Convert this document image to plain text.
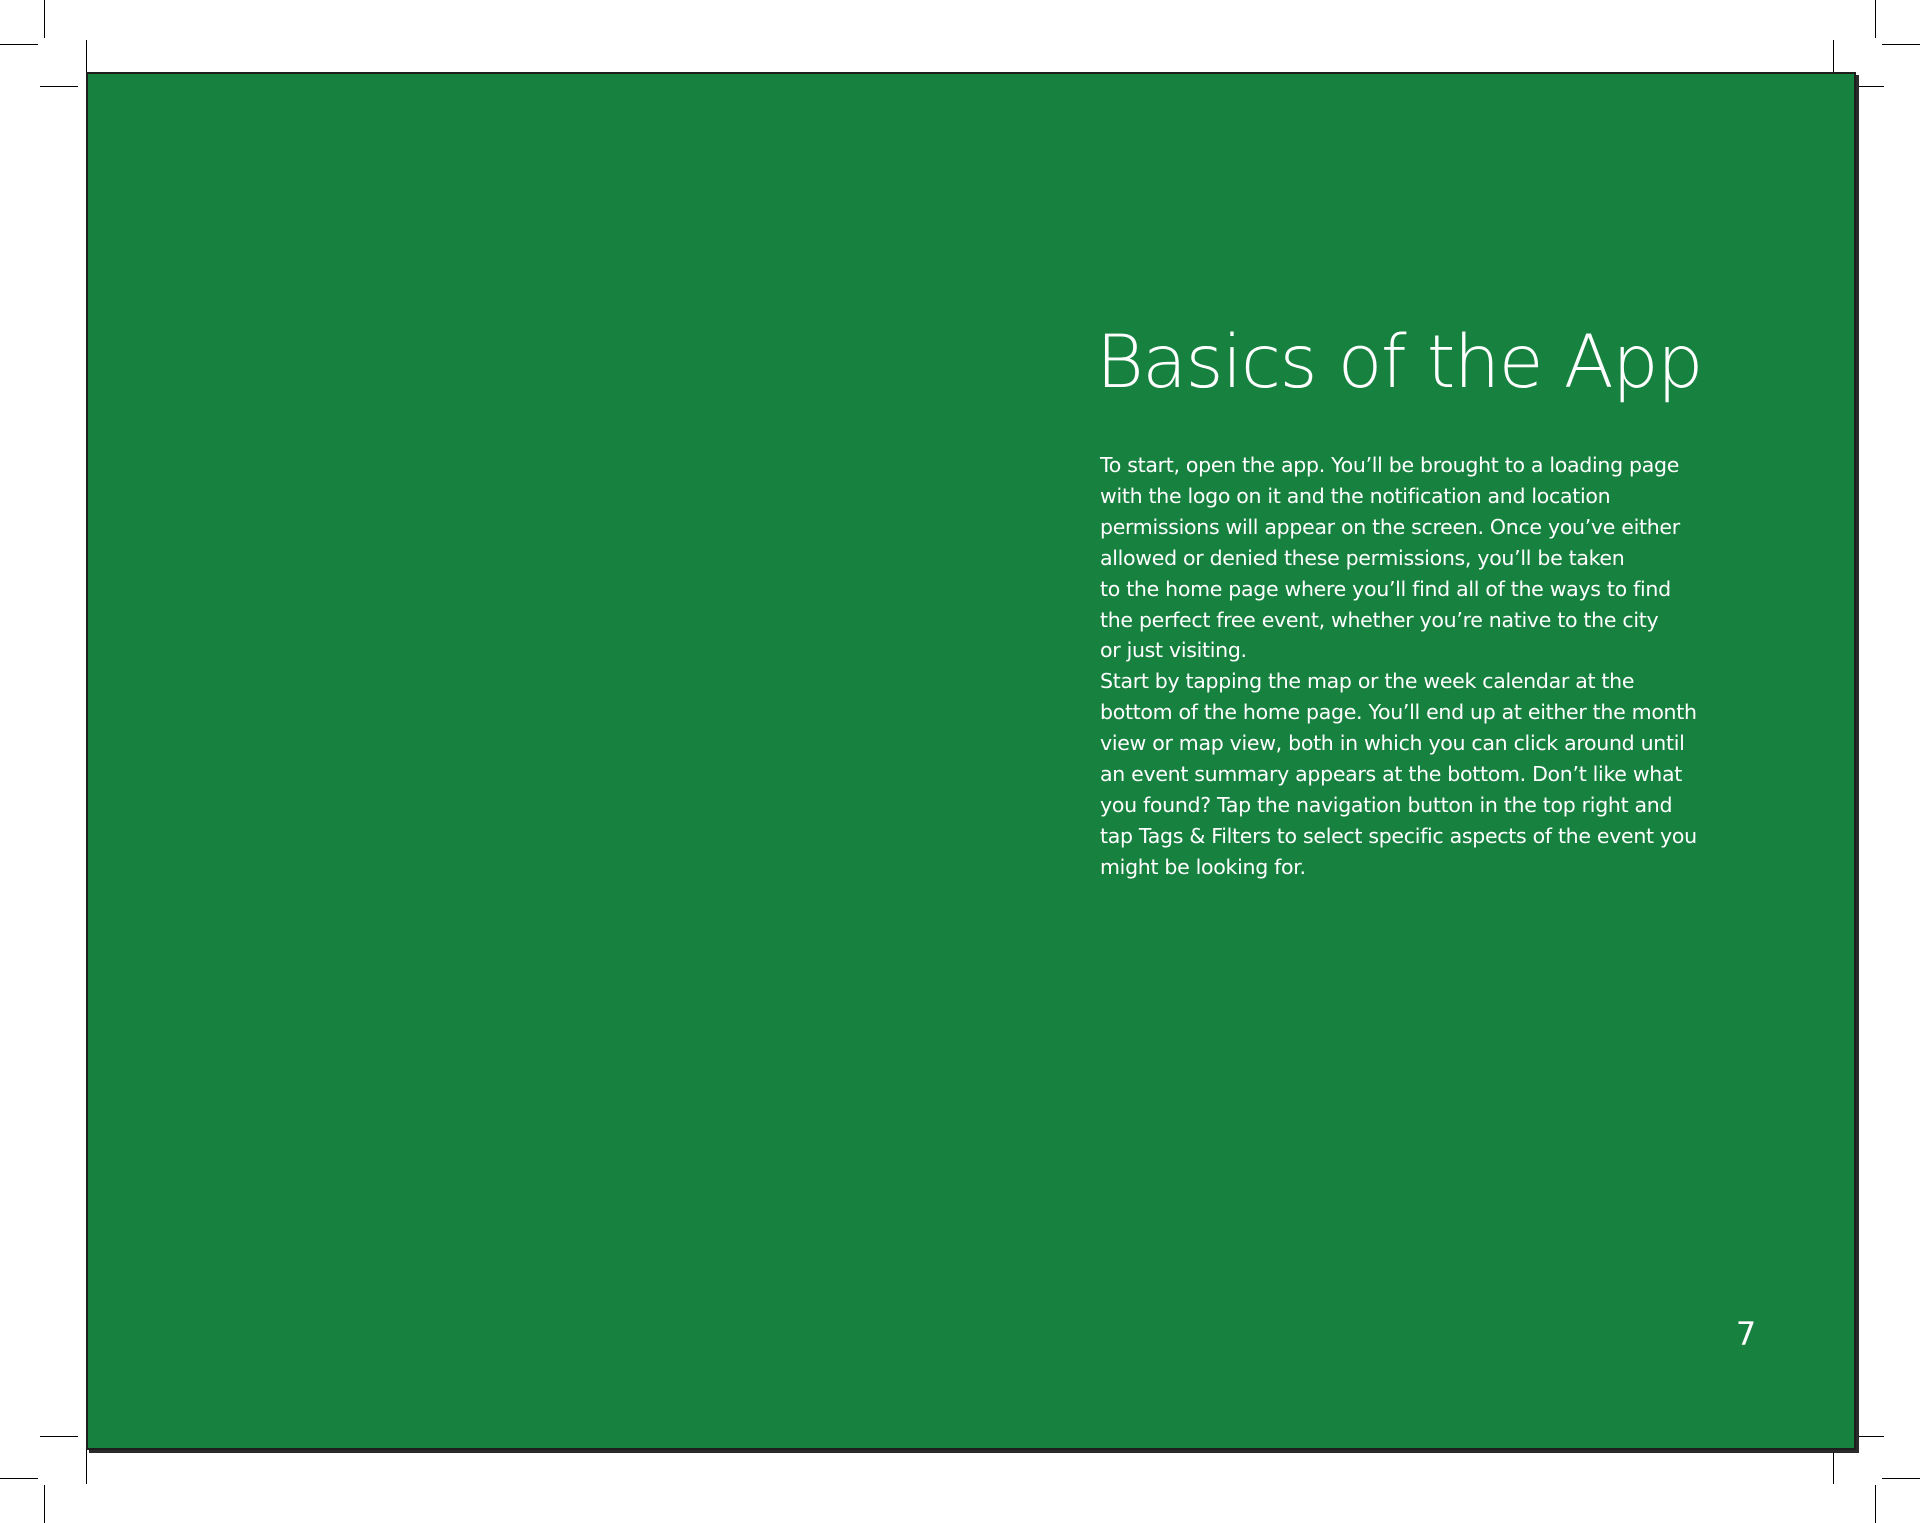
Basics of the App
To start, open the app. You’ll be brought to a loading page
with the logo on it and the notification and location
permissions will appear on the screen. Once you’ve either
allowed or denied these permissions, you’ll be taken
to the home page where you’ll find all of the ways to find
the perfect free event, whether you’re native to the city
or just visiting.
Start by tapping the map or the week calendar at the
bottom of the home page. You’ll end up at either the month
view or map view, both in which you can click around until
an event summary appears at the bottom. Don’t like what
you found? Tap the navigation button in the top right and
tap Tags & Filters to select specific aspects of the event you
might be looking for.
7
